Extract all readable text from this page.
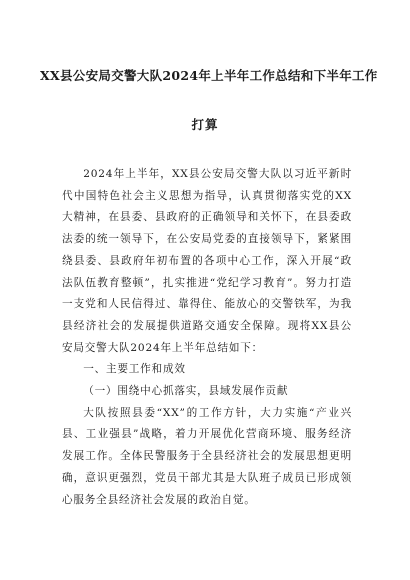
XX县公安局交警大队2024年上半年工作总结和下半年工作
打算

2024年上半年，XX县公安局交警大队以习近平新时代中国特色社会主义思想为指导，认真贯彻落实党的XX大精神，在县委、县政府的正确领导和关怀下，在县委政法委的统一领导下，在公安局党委的直接领导下，紧紧围绕县委、县政府年初布置的各项中心工作，深入开展“政法队伍教育整顿”，扎实推进“党纪学习教育”。努力打造一支党和人民信得过、靠得住、能放心的交警铁军，为我县经济社会的发展提供道路交通安全保障。现将XX县公安局交警大队2024年上半年总结如下：

一、主要工作和成效

（一）围绕中心抓落实，县域发展作贡献

大队按照县委“XX”的工作方针，大力实施“产业兴县、工业强县”战略，着力开展优化营商环境、服务经济发展工作。全体民警服务于全县经济社会的发展思想更明确，意识更强烈，党员干部尤其是大队班子成员已形成领心服务全县经济社会发展的政治自觉。
